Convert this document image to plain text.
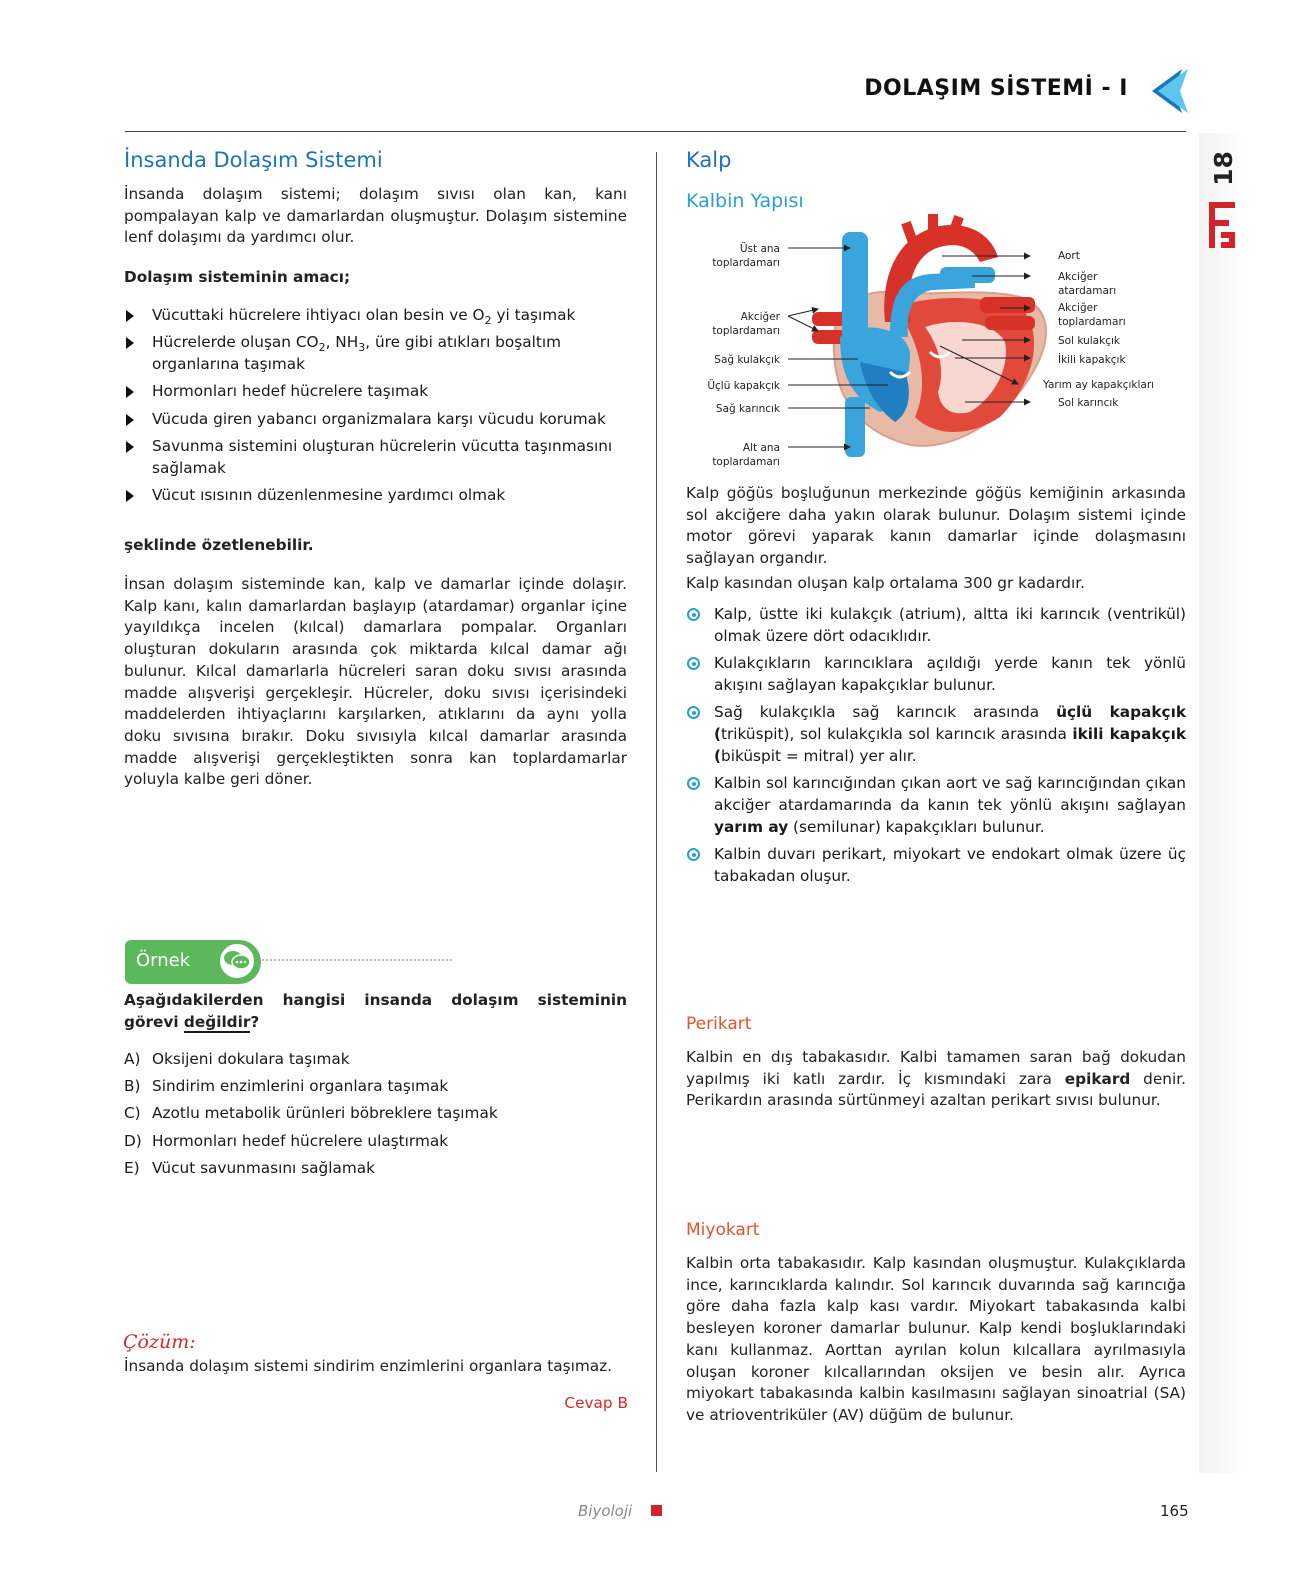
DOLAŞIM SİSTEMİ - I
18
İnsanda Dolaşım Sistemi
İnsanda dolaşım sistemi; dolaşım sıvısı olan kan, kanı pompalayan kalp ve damarlardan oluşmuştur. Dolaşım sistemine lenf dolaşımı da yardımcı olur.
Dolaşım sisteminin amacı;
Vücuttaki hücrelere ihtiyacı olan besin ve $O_2$ yi taşımak
Hücrelerde oluşan $CO_2$, $NH_3$, üre gibi atıkları boşaltım organlarına taşımak
Hormonları hedef hücrelere taşımak
Vücuda giren yabancı organizmalara karşı vücudu korumak
Savunma sistemini oluşturan hücrelerin vücutta taşınmasını sağlamak
Vücut ısısının düzenlenmesine yardımcı olmak
şeklinde özetlenebilir.
İnsan dolaşım sisteminde kan, kalp ve damarlar içinde dolaşır. Kalp kanı, kalın damarlardan başlayıp (atardamar) organlar içine yayıldıkça incelen (kılcal) damarlara pompalar. Organları oluşturan dokuların arasında çok miktarda kılcal damar ağı bulunur. Kılcal damarlarla hücreleri saran doku sıvısı arasında madde alışverişi gerçekleşir. Hücreler, doku sıvısı içerisindeki maddelerden ihtiyaçlarını karşılarken, atıklarını da aynı yolla doku sıvısına bırakır. Doku sıvısıyla kılcal damarlar arasında madde alışverişi gerçekleştikten sonra kan toplardamarlar yoluyla kalbe geri döner.
Örnek
Aşağıdakilerden hangisi insanda dolaşım sisteminin görevi değildir?
A) Oksijeni dokulara taşımak
B) Sindirim enzimlerini organlara taşımak
C) Azotlu metabolik ürünleri böbreklere taşımak
D) Hormonları hedef hücrelere ulaştırmak
E) Vücut savunmasını sağlamak
Çözüm:
İnsanda dolaşım sistemi sindirim enzimlerini organlara taşımaz.
Cevap B
Kalp
Kalbin Yapısı
Üst ana
toplardamarı
Akciğer
toplardamarı
Sağ kulakçık
Üçlü kapakçık
Sağ karıncık
Alt ana
toplardamarı
Aort
Akciğer
atardamarı
Akciğer
toplardamarı
Sol kulakçık
İkili kapakçık
Yarım ay kapakçıkları
Sol karıncık
Kalp göğüs boşluğunun merkezinde göğüs kemiğinin arkasında sol akciğere daha yakın olarak bulunur. Dolaşım sistemi içinde motor görevi yaparak kanın damarlar içinde dolaşmasını sağlayan organdır.
Kalp kasından oluşan kalp ortalama 300 gr kadardır.
Kalp, üstte iki kulakçık (atrium), altta iki karıncık (ventrikül) olmak üzere dört odacıklıdır.
Kulakçıkların karıncıklara açıldığı yerde kanın tek yönlü akışını sağlayan kapakçıklar bulunur.
Sağ kulakçıkla sağ karıncık arasında üçlü kapakçık (triküspit), sol kulakçıkla sol karıncık arasında ikili kapakçık (biküspit = mitral) yer alır.
Kalbin sol karıncığından çıkan aort ve sağ karıncığından çıkan akciğer atardamarında da kanın tek yönlü akışını sağlayan yarım ay (semilunar) kapakçıkları bulunur.
Kalbin duvarı perikart, miyokart ve endokart olmak üzere üç tabakadan oluşur.
Perikart
Kalbin en dış tabakasıdır. Kalbi tamamen saran bağ dokudan yapılmış iki katlı zardır. İç kısmındaki zara epikard denir. Perikardın arasında sürtünmeyi azaltan perikart sıvısı bulunur.
Miyokart
Kalbin orta tabakasıdır. Kalp kasından oluşmuştur. Kulakçıklarda ince, karıncıklarda kalındır. Sol karıncık duvarında sağ karıncığa göre daha fazla kalp kası vardır. Miyokart tabakasında kalbi besleyen koroner damarlar bulunur. Kalp kendi boşluklarındaki kanı kullanmaz. Aorttan ayrılan kolun kılcallara ayrılmasıyla oluşan koroner kılcallarından oksijen ve besin alır. Ayrıca miyokart tabakasında kalbin kasılmasını sağlayan sinoatrial (SA) ve atrioventriküler (AV) düğüm de bulunur.
Biyoloji	165
